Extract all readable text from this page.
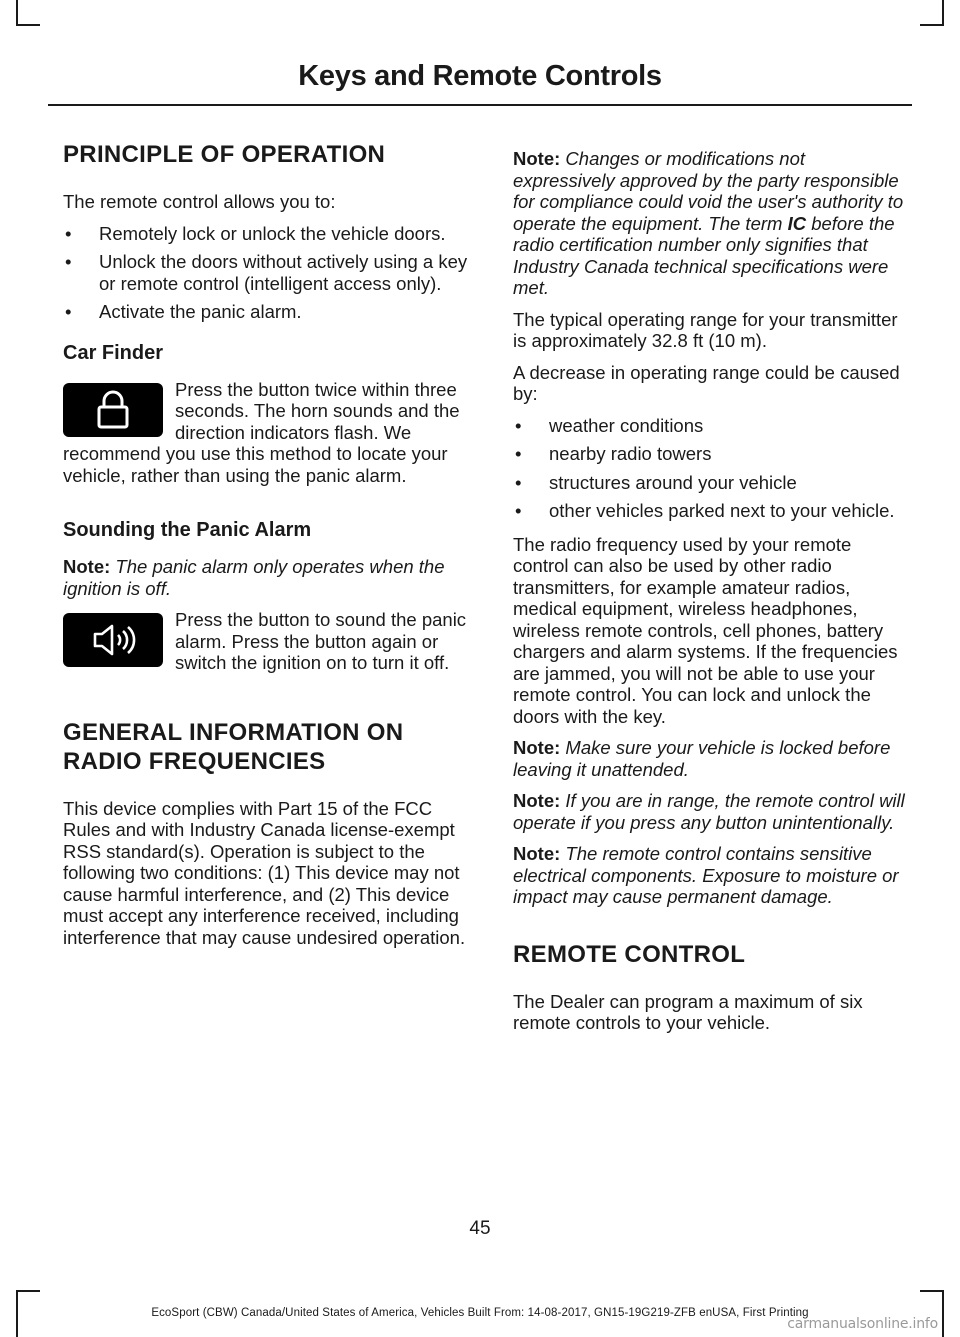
Keys and Remote Controls
PRINCIPLE OF OPERATION

The remote control allows you to:

• Remotely lock or unlock the vehicle doors.
• Unlock the doors without actively using a key or remote control (intelligent access only).
• Activate the panic alarm.
Car Finder

Press the button twice within three seconds. The horn sounds and the direction indicators flash. We recommend you use this method to locate your vehicle, rather than using the panic alarm.

Sounding the Panic Alarm

Note: The panic alarm only operates when the ignition is off.

Press the button to sound the panic alarm. Press the button again or switch the ignition on to turn it off.

GENERAL INFORMATION ON
RADIO FREQUENCIES

This device complies with Part 15 of the FCC Rules and with Industry Canada license-exempt RSS standard(s). Operation is subject to the following two conditions: (1) This device may not cause harmful interference, and (2) This device must accept any interference received, including interference that may cause undesired operation.

Note: Changes or modifications not expressively approved by the party responsible for compliance could void the user's authority to operate the equipment. The term IC before the radio certification number only signifies that Industry Canada technical specifications were met.

The typical operating range for your transmitter is approximately 32.8 ft (10 m).

A decrease in operating range could be caused by:

• weather conditions
• nearby radio towers
• structures around your vehicle
• other vehicles parked next to your vehicle.

The radio frequency used by your remote control can also be used by other radio transmitters, for example amateur radios, medical equipment, wireless headphones, wireless remote controls, cell phones, battery chargers and alarm systems. If the frequencies are jammed, you will not be able to use your remote control. You can lock and unlock the doors with the key.

Note: Make sure your vehicle is locked before leaving it unattended.

Note: If you are in range, the remote control will operate if you press any button unintentionally.

Note: The remote control contains sensitive electrical components. Exposure to moisture or impact may cause permanent damage.

REMOTE CONTROL

The Dealer can program a maximum of six remote controls to your vehicle.

45
EcoSport (CBW) Canada/United States of America, Vehicles Built From: 14-08-2017, GN15-19G219-ZFB enUSA, First Printing
carmanualsonline.info
